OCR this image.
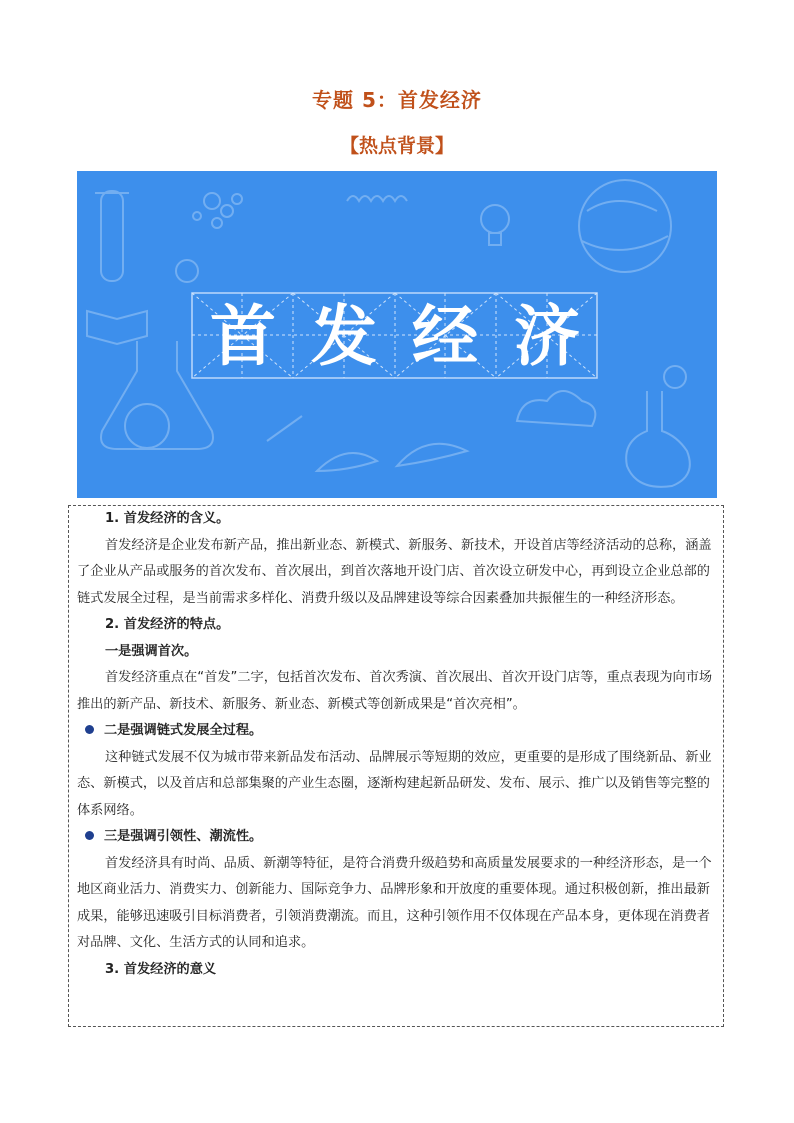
专题 5：首发经济
【热点背景】
首 发 经 济

1. 首发经济的含义。

首发经济是企业发布新产品，推出新业态、新模式、新服务、新技术，开设首店等经济活动的总称，涵盖了企业从产品或服务的首次发布、首次展出，到首次落地开设门店、首次设立研发中心，再到设立企业总部的链式发展全过程，是当前需求多样化、消费升级以及品牌建设等综合因素叠加共振催生的一种经济形态。

2. 首发经济的特点。

一是强调首次。

首发经济重点在“首发”二字，包括首次发布、首次秀演、首次展出、首次开设门店等，重点表现为向市场推出的新产品、新技术、新服务、新业态、新模式等创新成果是“首次亮相”。

二是强调链式发展全过程。

这种链式发展不仅为城市带来新品发布活动、品牌展示等短期的效应，更重要的是形成了围绕新品、新业态、新模式，以及首店和总部集聚的产业生态圈，逐渐构建起新品研发、发布、展示、推广以及销售等完整的体系网络。

三是强调引领性、潮流性。

首发经济具有时尚、品质、新潮等特征，是符合消费升级趋势和高质量发展要求的一种经济形态，是一个地区商业活力、消费实力、创新能力、国际竞争力、品牌形象和开放度的重要体现。通过积极创新，推出最新成果，能够迅速吸引目标消费者，引领消费潮流。而且，这种引领作用不仅体现在产品本身，更体现在消费者对品牌、文化、生活方式的认同和追求。

3. 首发经济的意义
